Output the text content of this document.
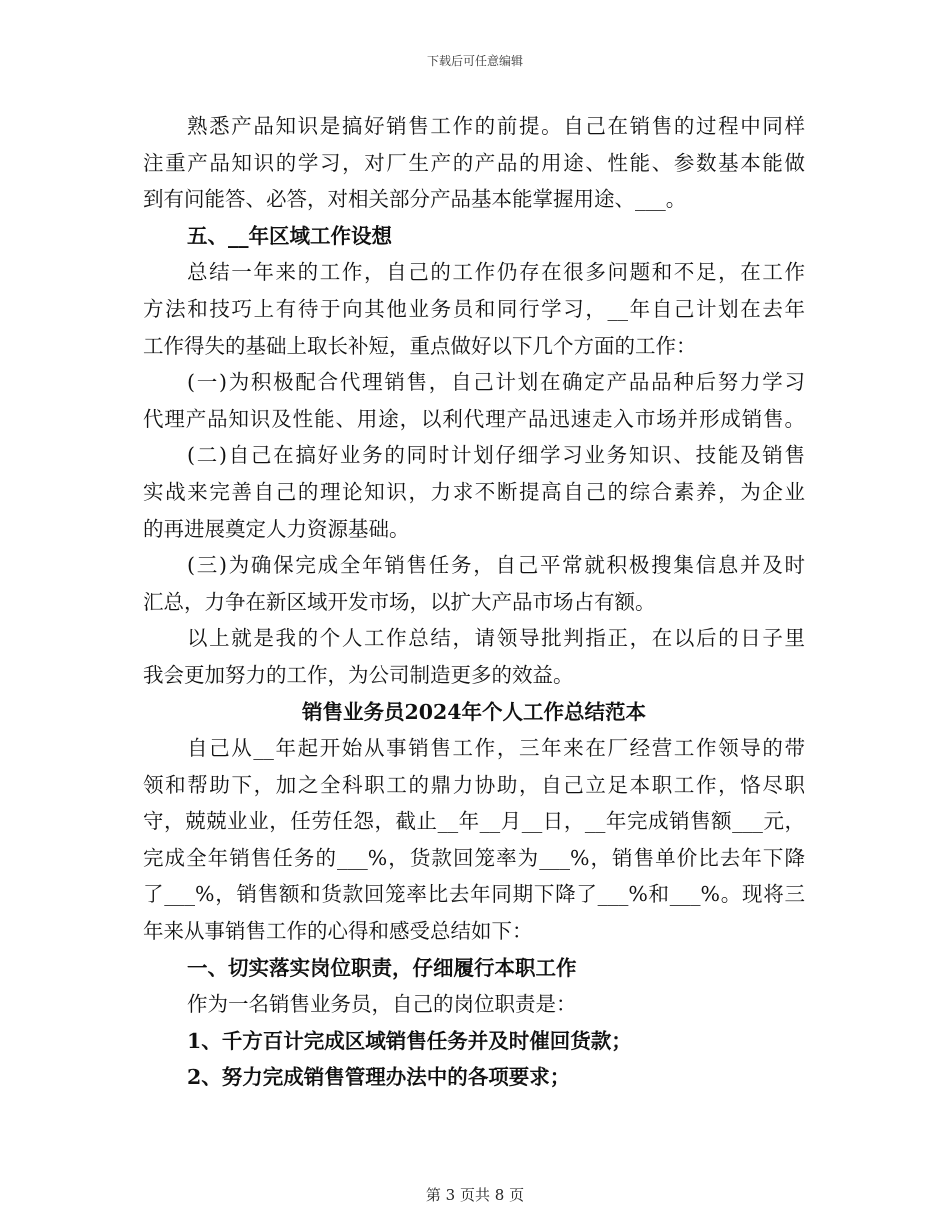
下载后可任意编辑
熟悉产品知识是搞好销售工作的前提。自己在销售的过程中同样
注重产品知识的学习，对厂生产的产品的用途、性能、参数基本能做
到有问能答、必答，对相关部分产品基本能掌握用途、___。
五、__年区域工作设想
总结一年来的工作，自己的工作仍存在很多问题和不足，在工作
方法和技巧上有待于向其他业务员和同行学习，__年自己计划在去年
工作得失的基础上取长补短，重点做好以下几个方面的工作：
(一)为积极配合代理销售，自己计划在确定产品品种后努力学习
代理产品知识及性能、用途，以利代理产品迅速走入市场并形成销售。
(二)自己在搞好业务的同时计划仔细学习业务知识、技能及销售
实战来完善自己的理论知识，力求不断提高自己的综合素养，为企业
的再进展奠定人力资源基础。
(三)为确保完成全年销售任务，自己平常就积极搜集信息并及时
汇总，力争在新区域开发市场，以扩大产品市场占有额。
以上就是我的个人工作总结，请领导批判指正，在以后的日子里
我会更加努力的工作，为公司制造更多的效益。
销售业务员2024年个人工作总结范本
自己从__年起开始从事销售工作，三年来在厂经营工作领导的带
领和帮助下，加之全科职工的鼎力协助，自己立足本职工作，恪尽职
守，兢兢业业，任劳任怨，截止__年__月__日，__年完成销售额___元，
完成全年销售任务的___%，货款回笼率为___%，销售单价比去年下降
了___%，销售额和货款回笼率比去年同期下降了___%和___%。现将三
年来从事销售工作的心得和感受总结如下：
一、切实落实岗位职责，仔细履行本职工作
作为一名销售业务员，自己的岗位职责是：
1、千方百计完成区域销售任务并及时催回货款；
2、努力完成销售管理办法中的各项要求；
第 3 页共 8 页
